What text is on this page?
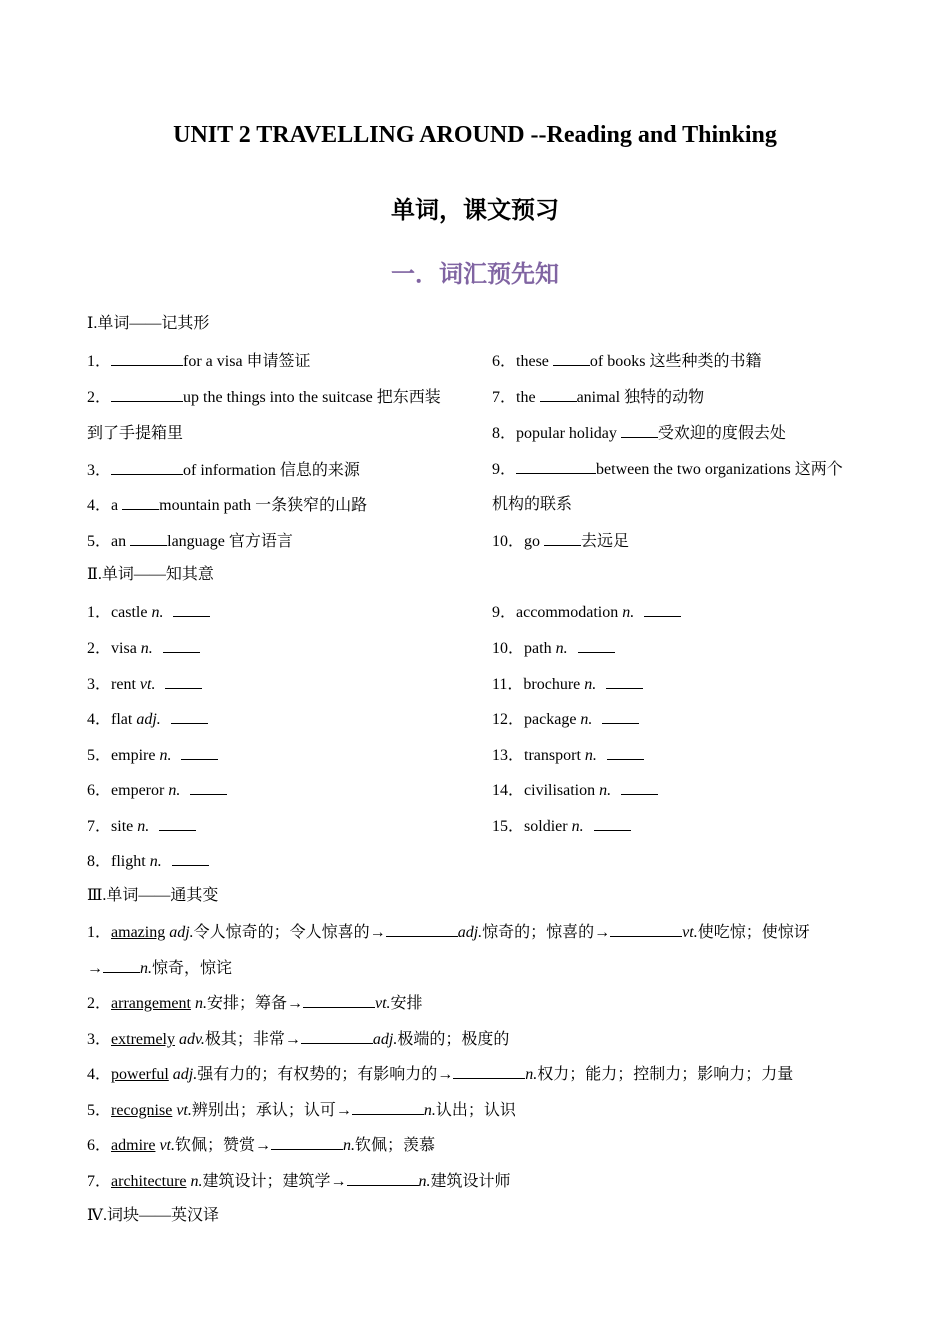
UNIT 2 TRAVELLING AROUND --Reading and Thinking
单词，课文预习
一．词汇预先知
Ⅰ.单词——记其形
1．	for a visa 申请签证
2．	up the things into the suitcase 把东西装
到了手提箱里
3．	of information 信息的来源
4．a mountain path 一条狭窄的山路
5．an language 官方语言
6．these of books 这些种类的书籍
7．the animal 独特的动物
8．popular holiday 受欢迎的度假去处
9．	between the two organizations 这两个
机构的联系
10．go 去远足
Ⅱ.单词——知其意
1．castle n.
2．visa n.
3．rent vt.
4．flat adj.
5．empire n.
6．emperor n.
7．site n.
8．flight n.
9．accommodation n.
10．path n.
11．brochure n.
12．package n.
13．transport n.
14．civilisation n.
15．soldier n.
Ⅲ.单词——通其变
1．amazing adj.令人惊奇的；令人惊喜的→	adj.惊奇的；惊喜的→	vt.使吃惊；使惊讶
→ n.惊奇，惊诧
2．arrangement n.安排；筹备→	vt.安排
3．extremely adv.极其；非常→	adj.极端的；极度的
4．powerful adj.强有力的；有权势的；有影响力的→	n.权力；能力；控制力；影响力；力量
5．recognise vt.辨别出；承认；认可→	n.认出；认识
6．admire vt.钦佩；赞赏→	n.钦佩；羡慕
7．architecture n.建筑设计；建筑学→	n.建筑设计师
Ⅳ.词块——英汉译
